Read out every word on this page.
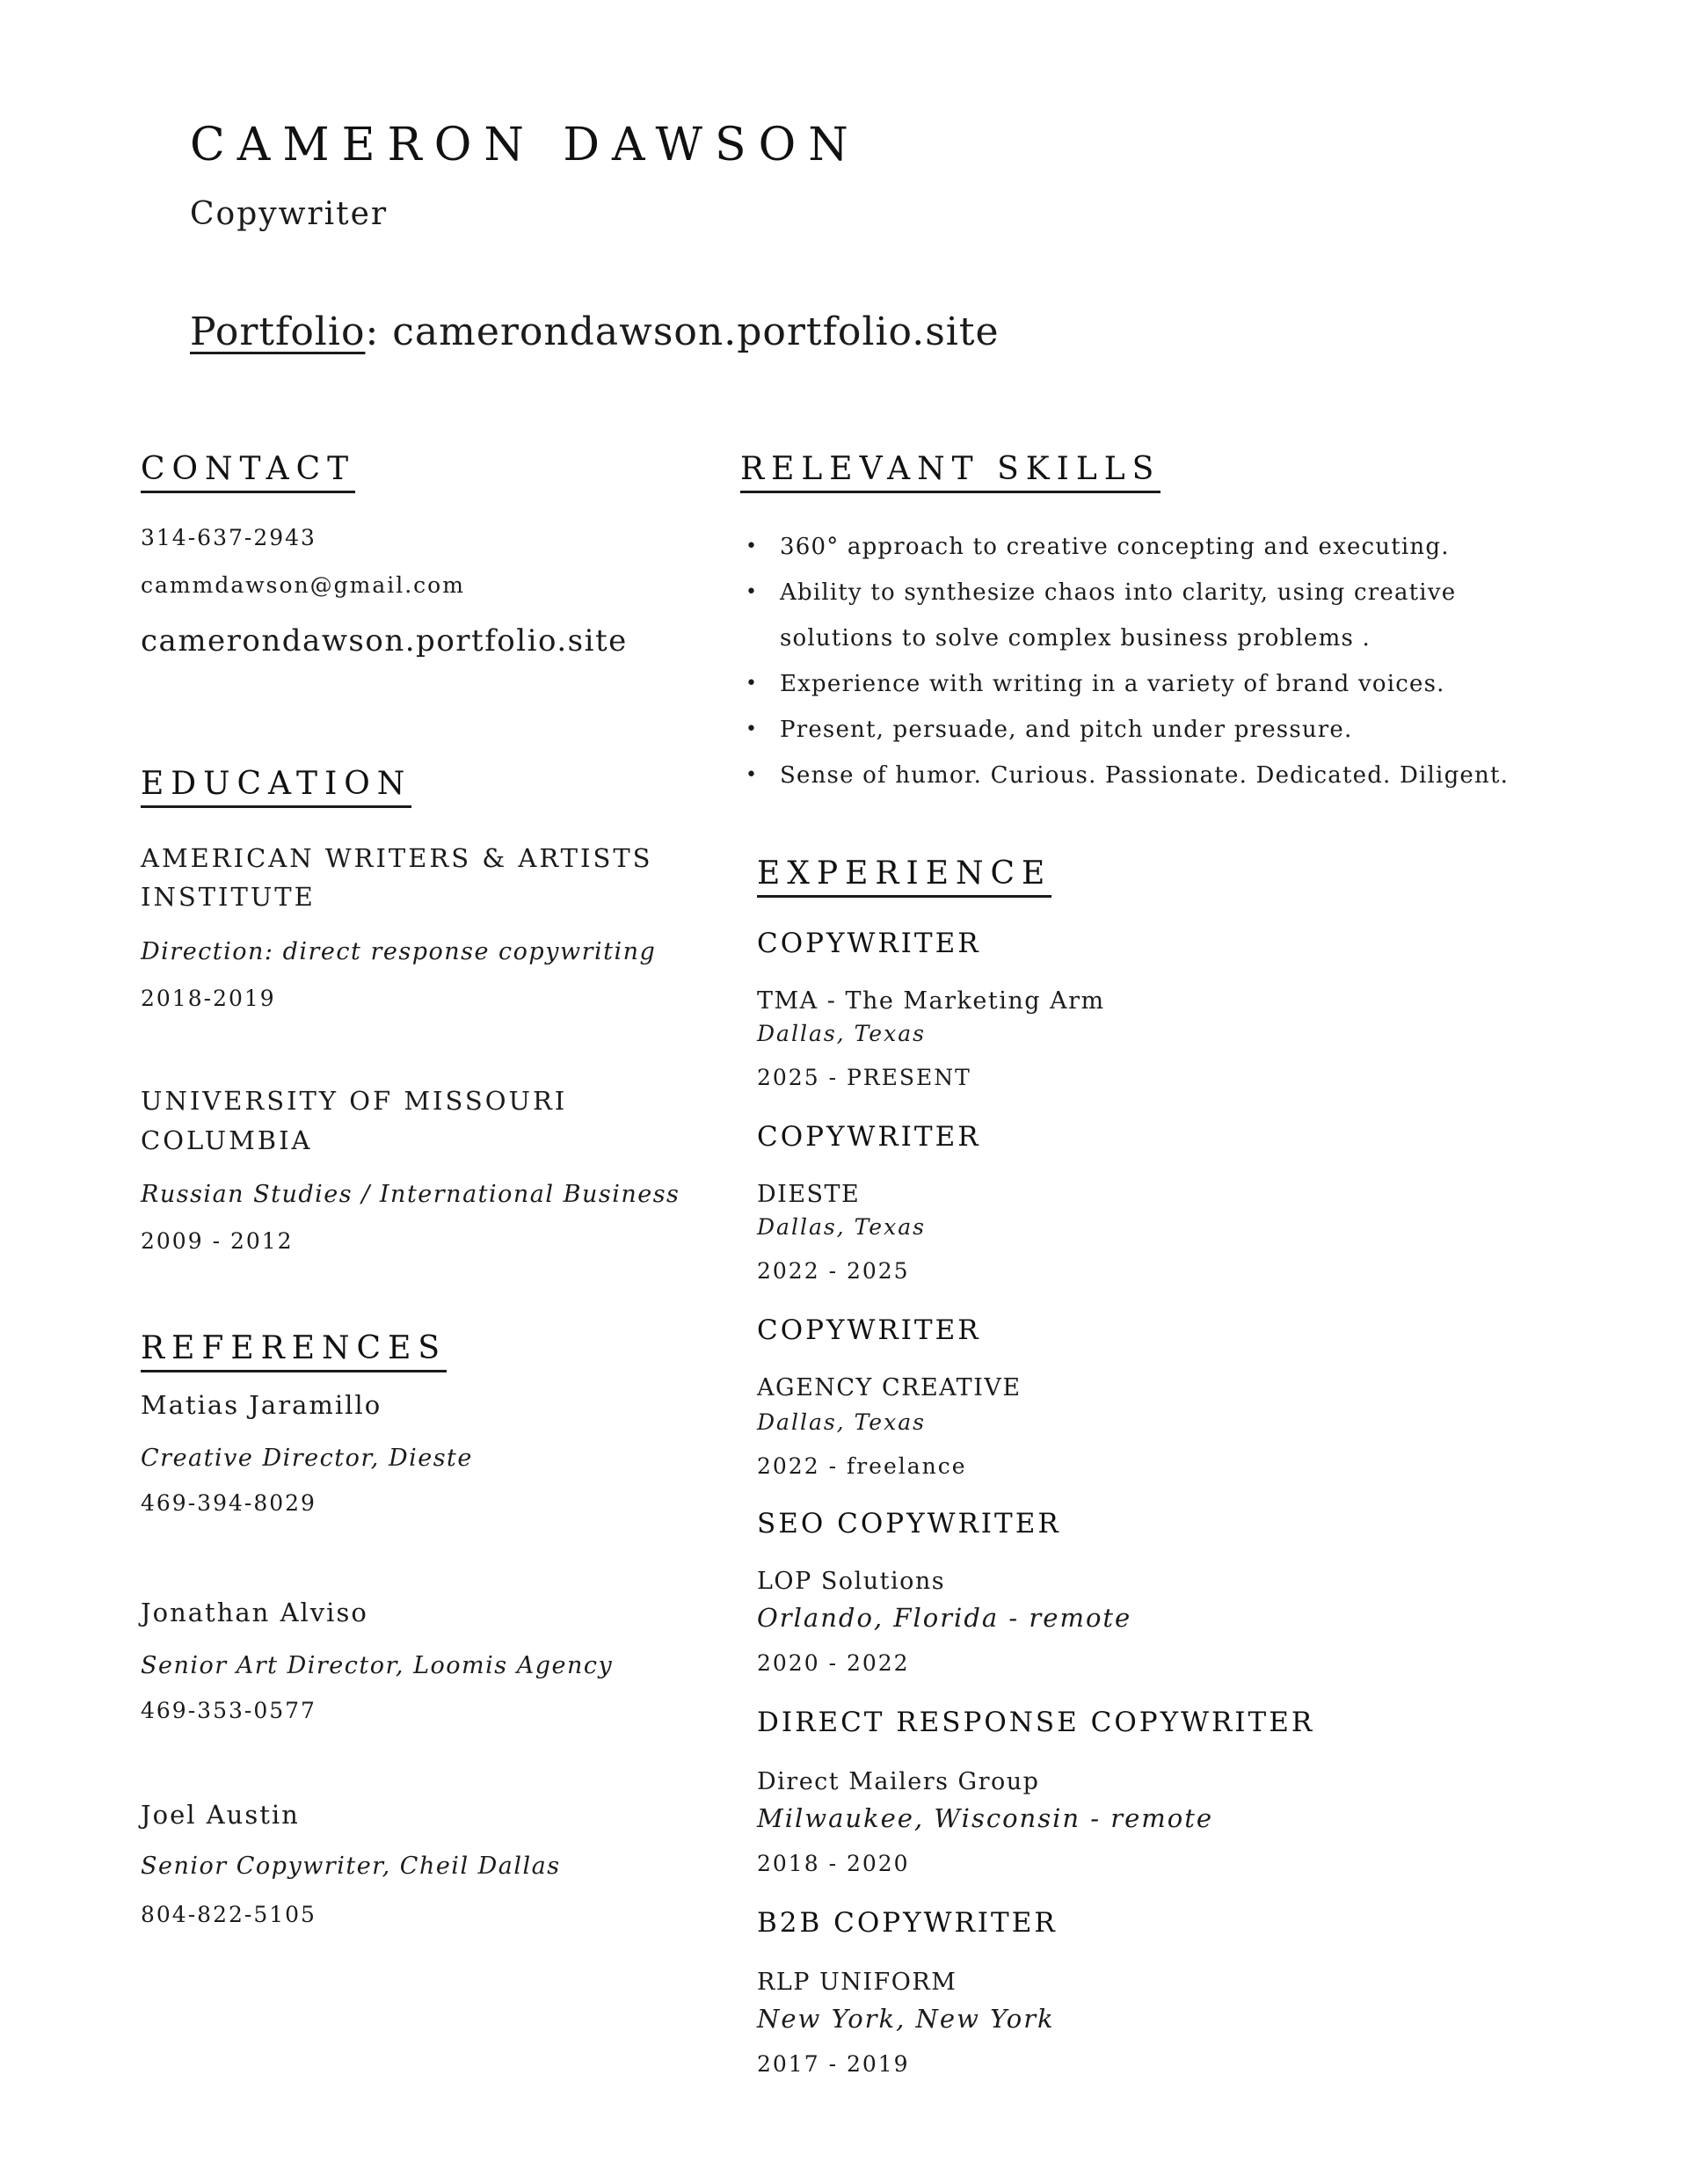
CAMERON DAWSON
Copywriter
Portfolio: camerondawson.portfolio.site
CONTACT
314-637-2943
cammdawson@gmail.com
camerondawson.portfolio.site
EDUCATION
AMERICAN WRITERS & ARTISTS
INSTITUTE
Direction: direct response copywriting
2018-2019
UNIVERSITY OF MISSOURI
COLUMBIA
Russian Studies / International Business
2009 - 2012
REFERENCES
Matias Jaramillo
Creative Director, Dieste
469-394-8029
Jonathan Alviso
Senior Art Director, Loomis Agency
469-353-0577
Joel Austin
Senior Copywriter, Cheil Dallas
804-822-5105
RELEVANT SKILLS
• 360° approach to creative concepting and executing.
• Ability to synthesize chaos into clarity, using creative solutions to solve complex business problems .
• Experience with writing in a variety of brand voices.
• Present, persuade, and pitch under pressure.
• Sense of humor. Curious. Passionate. Dedicated. Diligent.
EXPERIENCE
COPYWRITER
TMA - The Marketing Arm
Dallas, Texas
2025 - PRESENT
COPYWRITER
DIESTE
Dallas, Texas
2022 - 2025
COPYWRITER
AGENCY CREATIVE
Dallas, Texas
2022 - freelance
SEO COPYWRITER
LOP Solutions
Orlando, Florida - remote
2020 - 2022
DIRECT RESPONSE COPYWRITER
Direct Mailers Group
Milwaukee, Wisconsin - remote
2018 - 2020
B2B COPYWRITER
RLP UNIFORM
New York, New York
2017 - 2019
